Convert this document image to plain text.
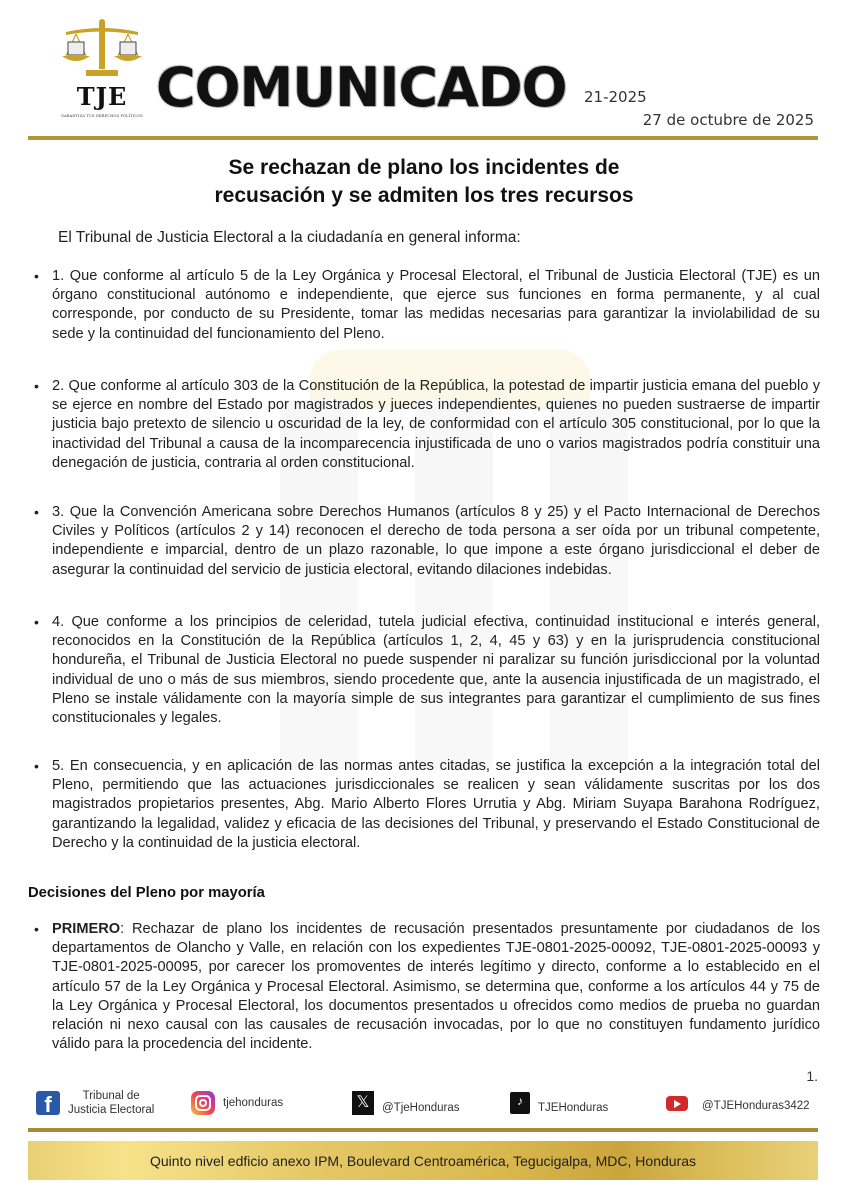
TJE
GARANTIZA TUS DERECHOS POLÍTICOS COMUNICADO 21-2025
27 de octubre de 2025
Se rechazan de plano los incidentes de
recusación y se admiten los tres recursos
El Tribunal de Justicia Electoral a la ciudadanía en general informa:
• 1. Que conforme al artículo 5 de la Ley Orgánica y Procesal Electoral, el Tribunal de Justicia Electoral (TJE) es un órgano constitucional autónomo e independiente, que ejerce sus funciones en forma permanente, y al cual corresponde, por conducto de su Presidente, tomar las medidas necesarias para garantizar la inviolabilidad de su sede y la continuidad del funcionamiento del Pleno.
• 2. Que conforme al artículo 303 de la Constitución de la República, la potestad de impartir justicia emana del pueblo y se ejerce en nombre del Estado por magistrados y jueces independientes, quienes no pueden sustraerse de impartir justicia bajo pretexto de silencio u oscuridad de la ley, de conformidad con el artículo 305 constitucional, por lo que la inactividad del Tribunal a causa de la incomparecencia injustificada de uno o varios magistrados podría constituir una denegación de justicia, contraria al orden constitucional.
• 3. Que la Convención Americana sobre Derechos Humanos (artículos 8 y 25) y el Pacto Internacional de Derechos Civiles y Políticos (artículos 2 y 14) reconocen el derecho de toda persona a ser oída por un tribunal competente, independiente e imparcial, dentro de un plazo razonable, lo que impone a este órgano jurisdiccional el deber de asegurar la continuidad del servicio de justicia electoral, evitando dilaciones indebidas.
• 4. Que conforme a los principios de celeridad, tutela judicial efectiva, continuidad institucional e interés general, reconocidos en la Constitución de la República (artículos 1, 2, 4, 45 y 63) y en la jurisprudencia constitucional hondureña, el Tribunal de Justicia Electoral no puede suspender ni paralizar su función jurisdiccional por la voluntad individual de uno o más de sus miembros, siendo procedente que, ante la ausencia injustificada de un magistrado, el Pleno se instale válidamente con la mayoría simple de sus integrantes para garantizar el cumplimiento de sus fines constitucionales y legales.
• 5. En consecuencia, y en aplicación de las normas antes citadas, se justifica la excepción a la integración total del Pleno, permitiendo que las actuaciones jurisdiccionales se realicen y sean válidamente suscritas por los dos magistrados propietarios presentes, Abg. Mario Alberto Flores Urrutia y Abg. Miriam Suyapa Barahona Rodríguez, garantizando la legalidad, validez y eficacia de las decisiones del Tribunal, y preservando el Estado Constitucional de Derecho y la continuidad de la justicia electoral.
Decisiones del Pleno por mayoría
• PRIMERO: Rechazar de plano los incidentes de recusación presentados presuntamente por ciudadanos de los departamentos de Olancho y Valle, en relación con los expedientes TJE-0801-2025-00092, TJE-0801-2025-00093 y TJE-0801-2025-00095, por carecer los promoventes de interés legítimo y directo, conforme a lo establecido en el artículo 57 de la Ley Orgánica y Procesal Electoral. Asimismo, se determina que, conforme a los artículos 44 y 75 de la Ley Orgánica y Procesal Electoral, los documentos presentados u ofrecidos como medios de prueba no guardan relación ni nexo causal con las causales de recusación invocadas, por lo que no constituyen fundamento jurídico válido para la procedencia del incidente.
1.
f	Tribunal de
Justicia Electoral
tjehonduras	𝕏	@TjeHonduras	♪	TJEHonduras	@TJEHonduras3422
Quinto nivel edficio anexo IPM, Boulevard Centroamérica, Tegucigalpa, MDC, Honduras
